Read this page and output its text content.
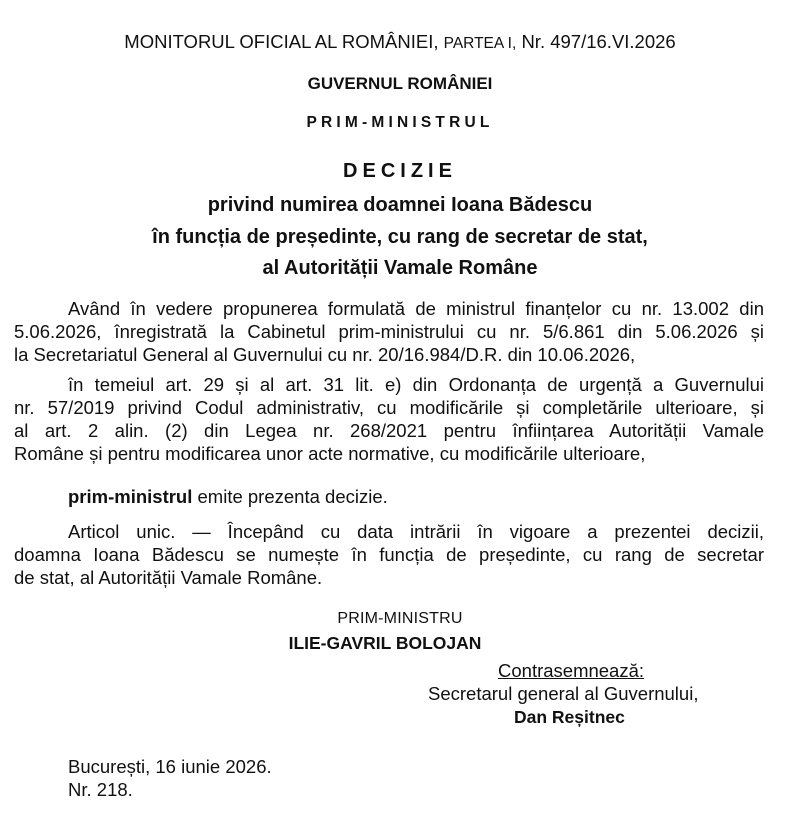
MONITORUL OFICIAL AL ROMÂNIEI, PARTEA I, Nr. 497/16.VI.2026
GUVERNUL ROMÂNIEI
PRIM-MINISTRUL
DECIZIE
privind numirea doamnei Ioana Bădescu
în funcția de președinte, cu rang de secretar de stat,
al Autorității Vamale Române
Având în vedere propunerea formulată de ministrul finanțelor cu nr. 13.002 din
5.06.2026, înregistrată la Cabinetul prim-ministrului cu nr. 5/6.861 din 5.06.2026 și
la Secretariatul General al Guvernului cu nr. 20/16.984/D.R. din 10.06.2026,
în temeiul art. 29 și al art. 31 lit. e) din Ordonanța de urgență a Guvernului
nr. 57/2019 privind Codul administrativ, cu modificările și completările ulterioare, și
al art. 2 alin. (2) din Legea nr. 268/2021 pentru înființarea Autorității Vamale
Române și pentru modificarea unor acte normative, cu modificările ulterioare,
prim-ministrul emite prezenta decizie.
Articol unic. — Începând cu data intrării în vigoare a prezentei decizii,
doamna Ioana Bădescu se numește în funcția de președinte, cu rang de secretar
de stat, al Autorității Vamale Române.
PRIM-MINISTRU
ILIE-GAVRIL BOLOJAN
Contrasemnează:
Secretarul general al Guvernului,
Dan Reșitnec
București, 16 iunie 2026.
Nr. 218.
